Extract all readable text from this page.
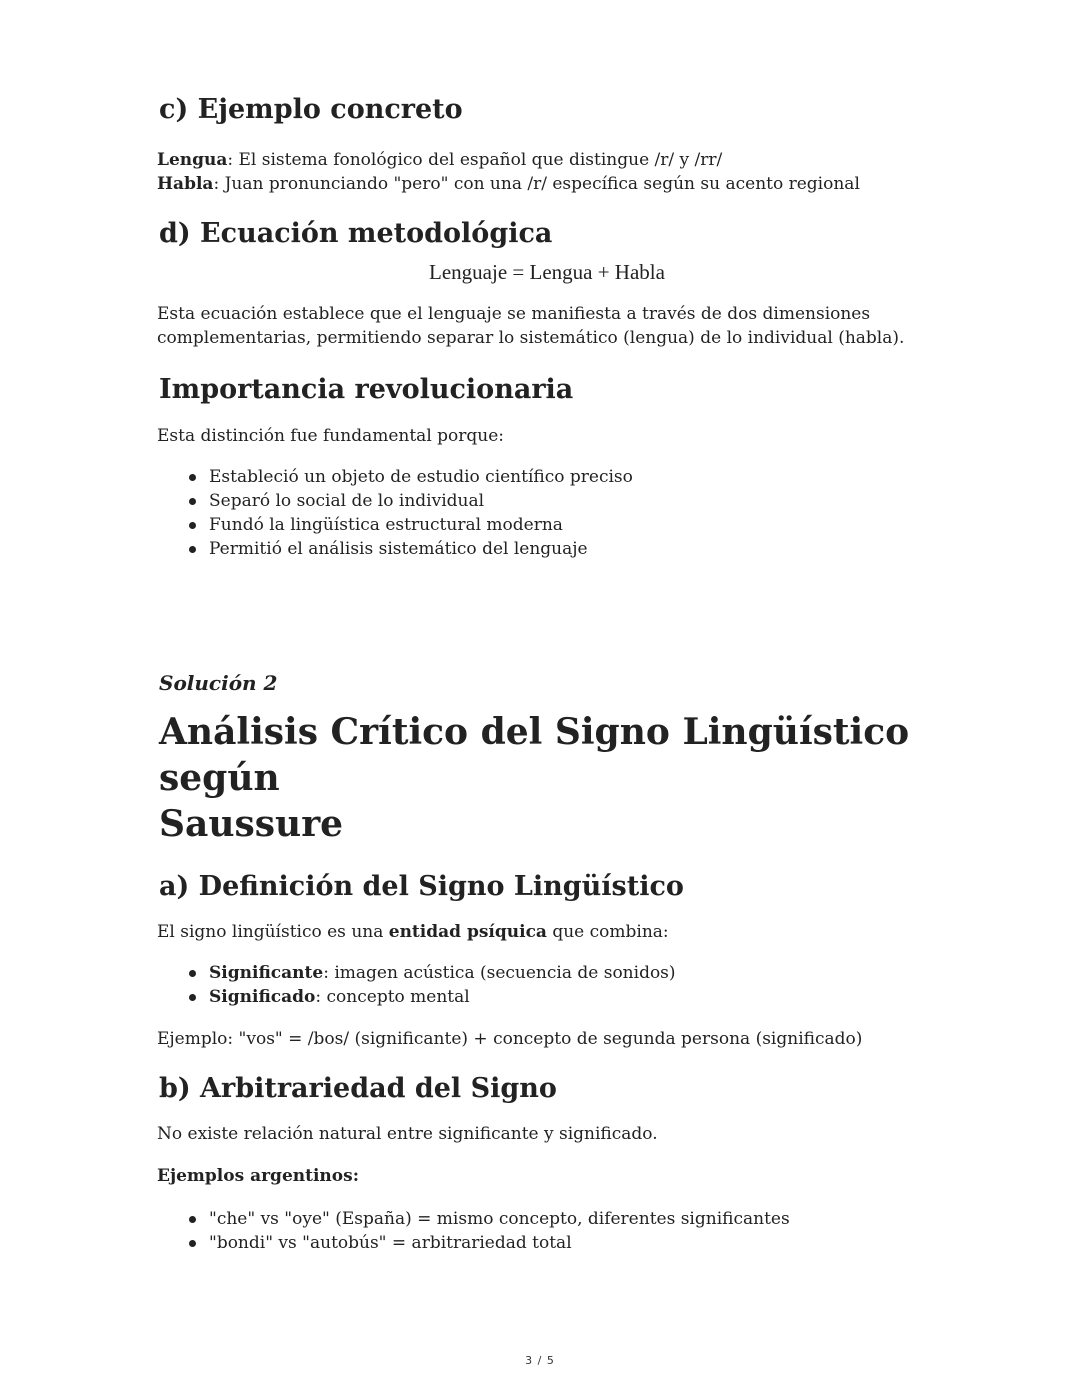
c) Ejemplo concreto

Lengua: El sistema fonológico del español que distingue /r/ y /rr/

Habla: Juan pronunciando "pero" con una /r/ específica según su acento regional

d) Ecuación metodológica
Lenguaje = Lengua + Habla

Esta ecuación establece que el lenguaje se manifiesta a través de dos dimensiones

complementarias, permitiendo separar lo sistemático (lengua) de lo individual (habla).

Importancia revolucionaria

Esta distinción fue fundamental porque:

Estableció un objeto de estudio científico preciso
Separó lo social de lo individual
Fundó la lingüística estructural moderna
Permitió el análisis sistemático del lenguaje
Solución 2
Análisis Crítico del Signo Lingüístico según
Saussure
a) Definición del Signo Lingüístico

El signo lingüístico es una entidad psíquica que combina:

Significante: imagen acústica (secuencia de sonidos)
Significado: concepto mental

Ejemplo: "vos" = /bos/ (significante) + concepto de segunda persona (significado)

b) Arbitrariedad del Signo

No existe relación natural entre significante y significado.

Ejemplos argentinos:

"che" vs "oye" (España) = mismo concepto, diferentes significantes
"bondi" vs "autobús" = arbitrariedad total
3 / 5
